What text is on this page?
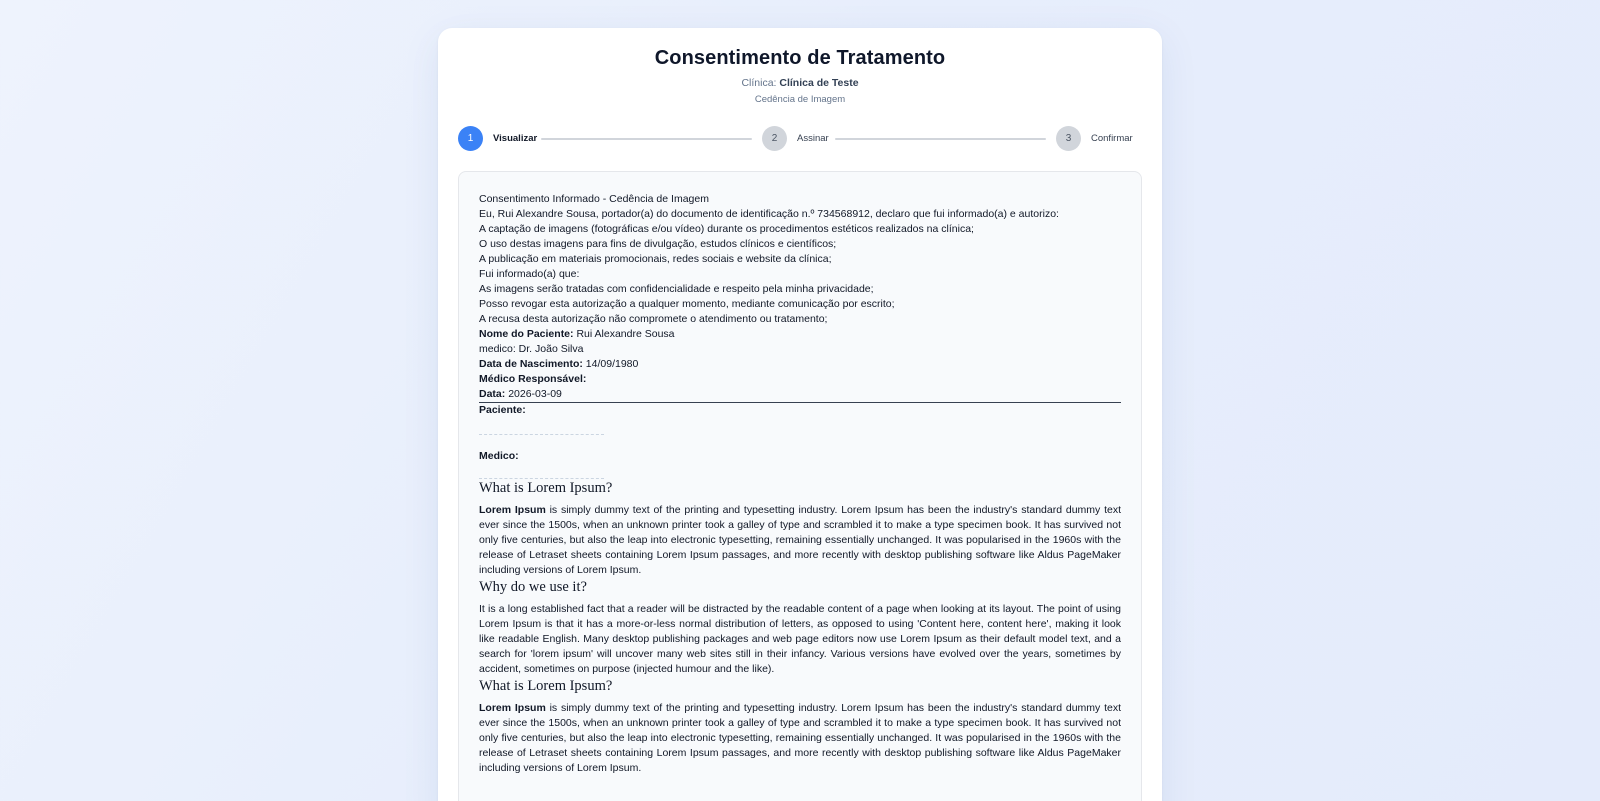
Consentimento de Tratamento
Clínica: Clínica de Teste
Cedência de Imagem
1	Visualizar	2	Assinar	3	Confirmar

Consentimento Informado - Cedência de Imagem

Eu, Rui Alexandre Sousa, portador(a) do documento de identificação n.º 734568912, declaro que fui informado(a) e autorizo:

A captação de imagens (fotográficas e/ou vídeo) durante os procedimentos estéticos realizados na clínica;

O uso destas imagens para fins de divulgação, estudos clínicos e científicos;

A publicação em materiais promocionais, redes sociais e website da clínica;

Fui informado(a) que:

As imagens serão tratadas com confidencialidade e respeito pela minha privacidade;

Posso revogar esta autorização a qualquer momento, mediante comunicação por escrito;

A recusa desta autorização não compromete o atendimento ou tratamento;

Nome do Paciente: Rui Alexandre Sousa

medico: Dr. João Silva

Data de Nascimento: 14/09/1980

Médico Responsável:

Data: 2026-03-09

Paciente:
Medico:
What is Lorem Ipsum?

Lorem Ipsum is simply dummy text of the printing and typesetting industry. Lorem Ipsum has been the industry's standard dummy text ever since the 1500s, when an unknown printer took a galley of type and scrambled it to make a type specimen book. It has survived not only five centuries, but also the leap into electronic typesetting, remaining essentially unchanged. It was popularised in the 1960s with the release of Letraset sheets containing Lorem Ipsum passages, and more recently with desktop publishing software like Aldus PageMaker including versions of Lorem Ipsum.

Why do we use it?

It is a long established fact that a reader will be distracted by the readable content of a page when looking at its layout. The point of using Lorem Ipsum is that it has a more-or-less normal distribution of letters, as opposed to using 'Content here, content here', making it look like readable English. Many desktop publishing packages and web page editors now use Lorem Ipsum as their default model text, and a search for 'lorem ipsum' will uncover many web sites still in their infancy. Various versions have evolved over the years, sometimes by accident, sometimes on purpose (injected humour and the like).

What is Lorem Ipsum?

Lorem Ipsum is simply dummy text of the printing and typesetting industry. Lorem Ipsum has been the industry's standard dummy text ever since the 1500s, when an unknown printer took a galley of type and scrambled it to make a type specimen book. It has survived not only five centuries, but also the leap into electronic typesetting, remaining essentially unchanged. It was popularised in the 1960s with the release of Letraset sheets containing Lorem Ipsum passages, and more recently with desktop publishing software like Aldus PageMaker including versions of Lorem Ipsum.
